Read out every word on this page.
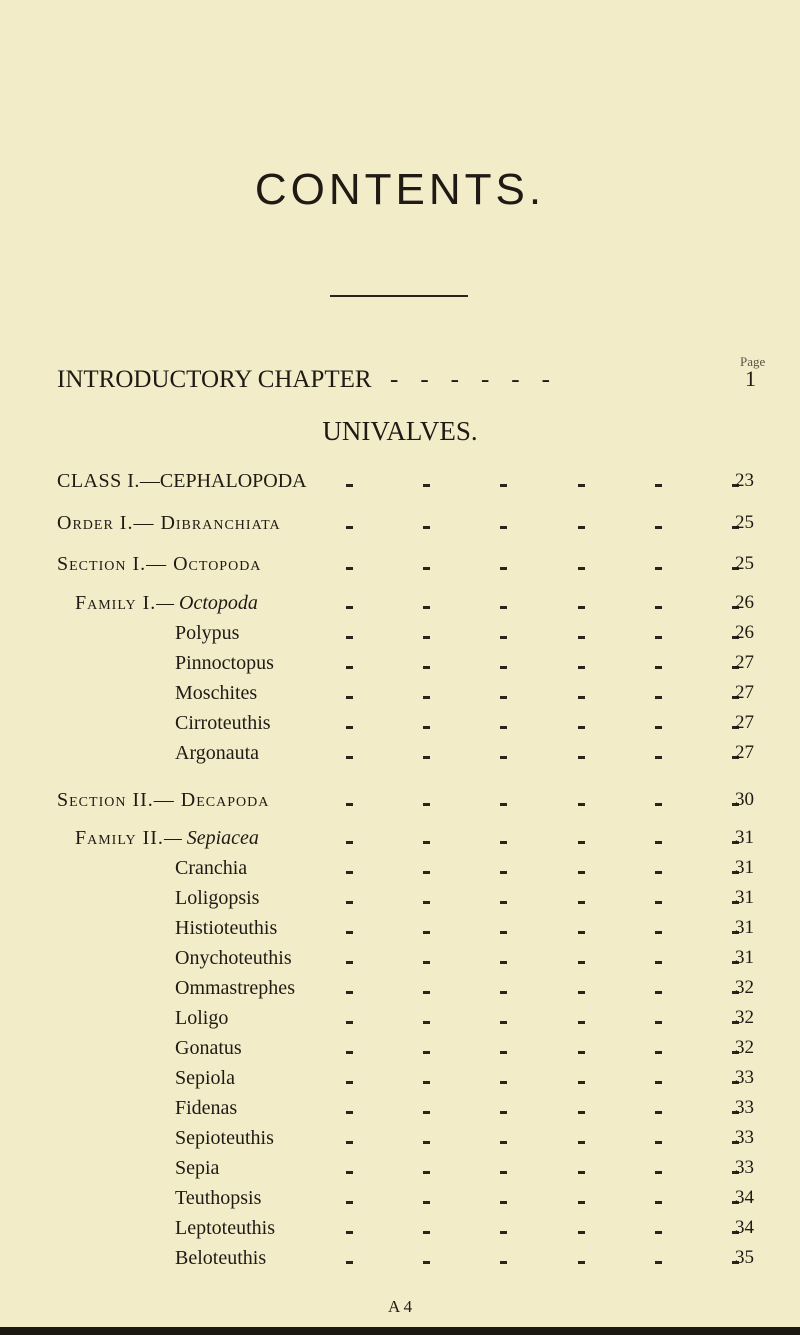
CONTENTS.
Page
INTRODUCTORY CHAPTER ------	1
UNIVALVES.
CLASS I.—CEPHALOPODA	23
Order I.— Dibranchiata	25
Section I.— Octopoda	25
Family I.— Octopoda	26
Polypus	26
Pinnoctopus	27
Moschites	27
Cirroteuthis	27
Argonauta	27
Section II.— Decapoda	30
Family II.— Sepiacea	31
Cranchia	31
Loligopsis	31
Histioteuthis	31
Onychoteuthis	31
Ommastrephes	32
Loligo	32
Gonatus	32
Sepiola	33
Fidenas	33
Sepioteuthis	33
Sepia	33
Teuthopsis	34
Leptoteuthis	34
Beloteuthis	35
A 4
